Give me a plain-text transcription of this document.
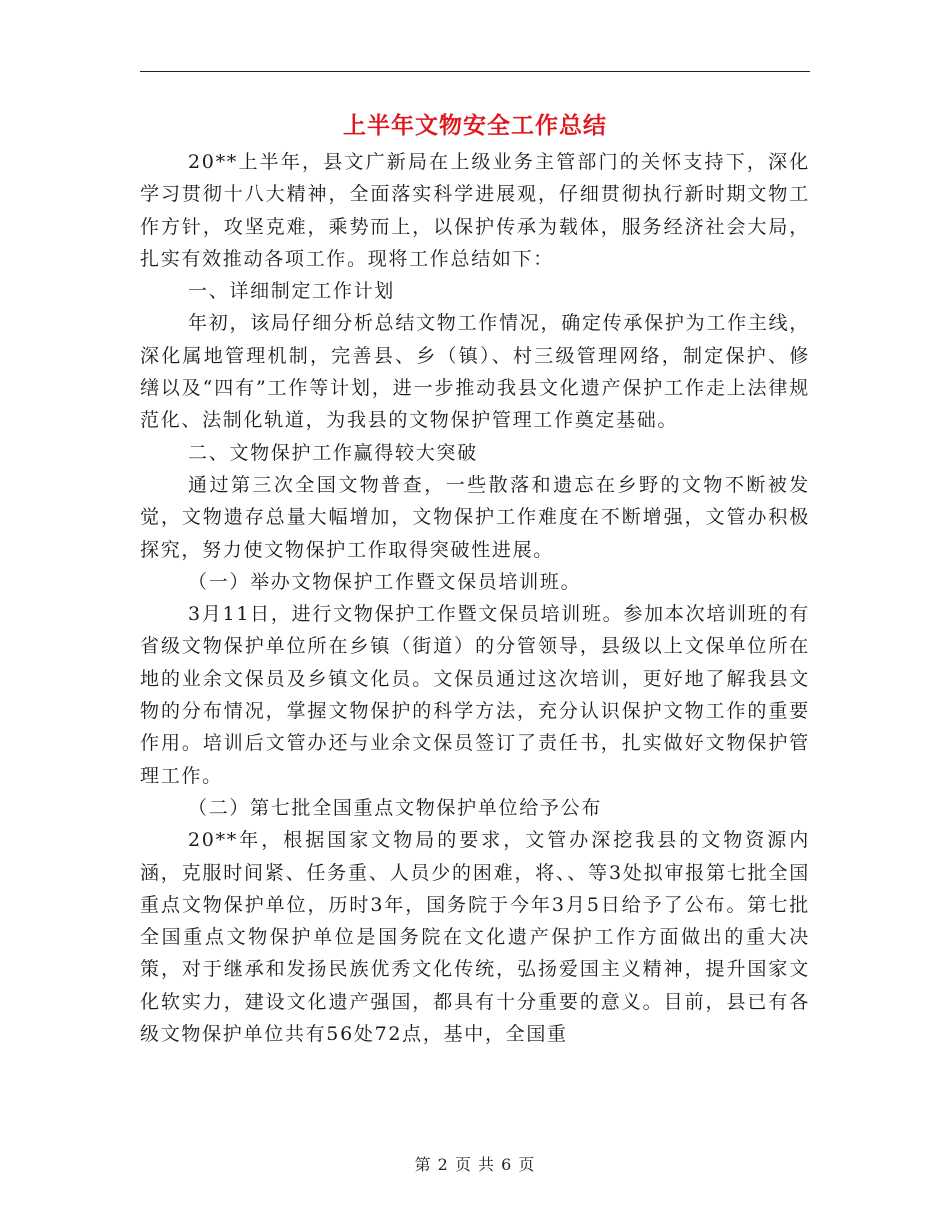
上半年文物安全工作总结

20**上半年，县文广新局在上级业务主管部门的关怀支持下，深化学习贯彻十八大精神，全面落实科学进展观，仔细贯彻执行新时期文物工作方针，攻坚克难，乘势而上，以保护传承为载体，服务经济社会大局，扎实有效推动各项工作。现将工作总结如下：

一、详细制定工作计划

年初，该局仔细分析总结文物工作情况，确定传承保护为工作主线，深化属地管理机制，完善县、乡（镇）、村三级管理网络，制定保护、修缮以及“四有”工作等计划，进一步推动我县文化遗产保护工作走上法律规范化、法制化轨道，为我县的文物保护管理工作奠定基础。

二、文物保护工作赢得较大突破

通过第三次全国文物普查，一些散落和遗忘在乡野的文物不断被发觉，文物遗存总量大幅增加，文物保护工作难度在不断增强，文管办积极探究，努力使文物保护工作取得突破性进展。

（一）举办文物保护工作暨文保员培训班。

3月11日，进行文物保护工作暨文保员培训班。参加本次培训班的有省级文物保护单位所在乡镇（街道）的分管领导，县级以上文保单位所在地的业余文保员及乡镇文化员。文保员通过这次培训，更好地了解我县文物的分布情况，掌握文物保护的科学方法，充分认识保护文物工作的重要作用。培训后文管办还与业余文保员签订了责任书，扎实做好文物保护管理工作。

（二）第七批全国重点文物保护单位给予公布

20**年，根据国家文物局的要求，文管办深挖我县的文物资源内涵，克服时间紧、任务重、人员少的困难，将、、等3处拟审报第七批全国重点文物保护单位，历时3年，国务院于今年3月5日给予了公布。第七批全国重点文物保护单位是国务院在文化遗产保护工作方面做出的重大决策，对于继承和发扬民族优秀文化传统，弘扬爱国主义精神，提升国家文化软实力，建设文化遗产强国，都具有十分重要的意义。目前，县已有各级文物保护单位共有56处72点，基中，全国重

第 2 页 共 6 页
